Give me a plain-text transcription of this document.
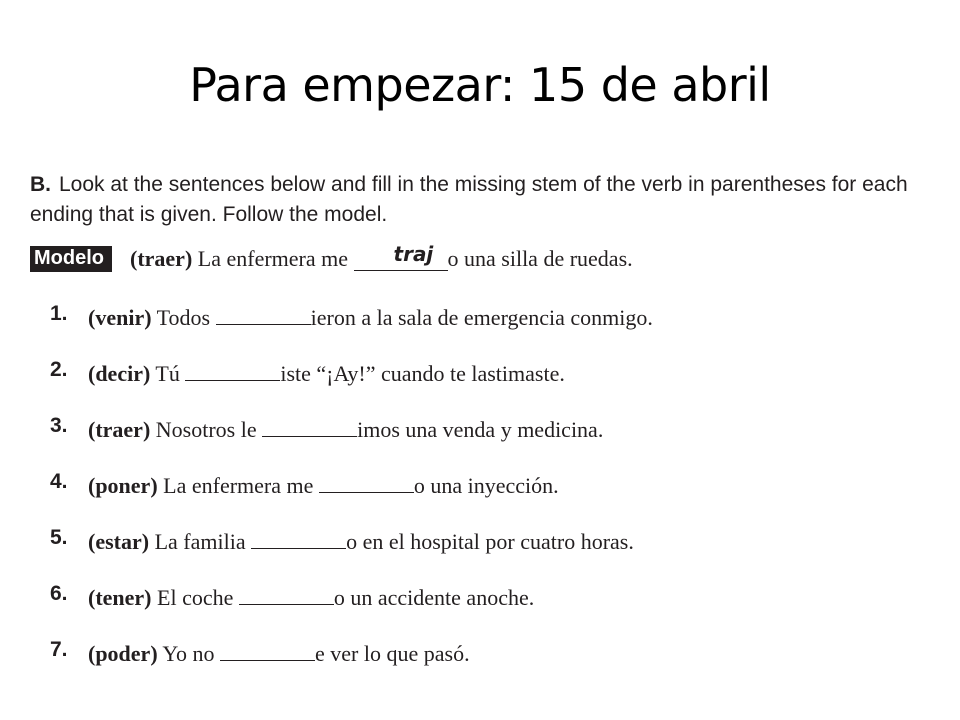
Para empezar: 15 de abril
B. Look at the sentences below and fill in the missing stem of the verb in parentheses for each ending that is given. Follow the model.
Modelo	(traer)
La enfermera me
traj o una silla de ruedas.
1. (venir) Todos	ieron a la sala de emergencia conmigo.
2. (decir) Tú	iste “¡Ay!” cuando te lastimaste.
3. (traer) Nosotros le	imos una venda y medicina.
4. (poner) La enfermera me	o una inyección.
5. (estar) La familia	o en el hospital por cuatro horas.
6. (tener) El coche	o un accidente anoche.
7. (poder) Yo no	e ver lo que pasó.
